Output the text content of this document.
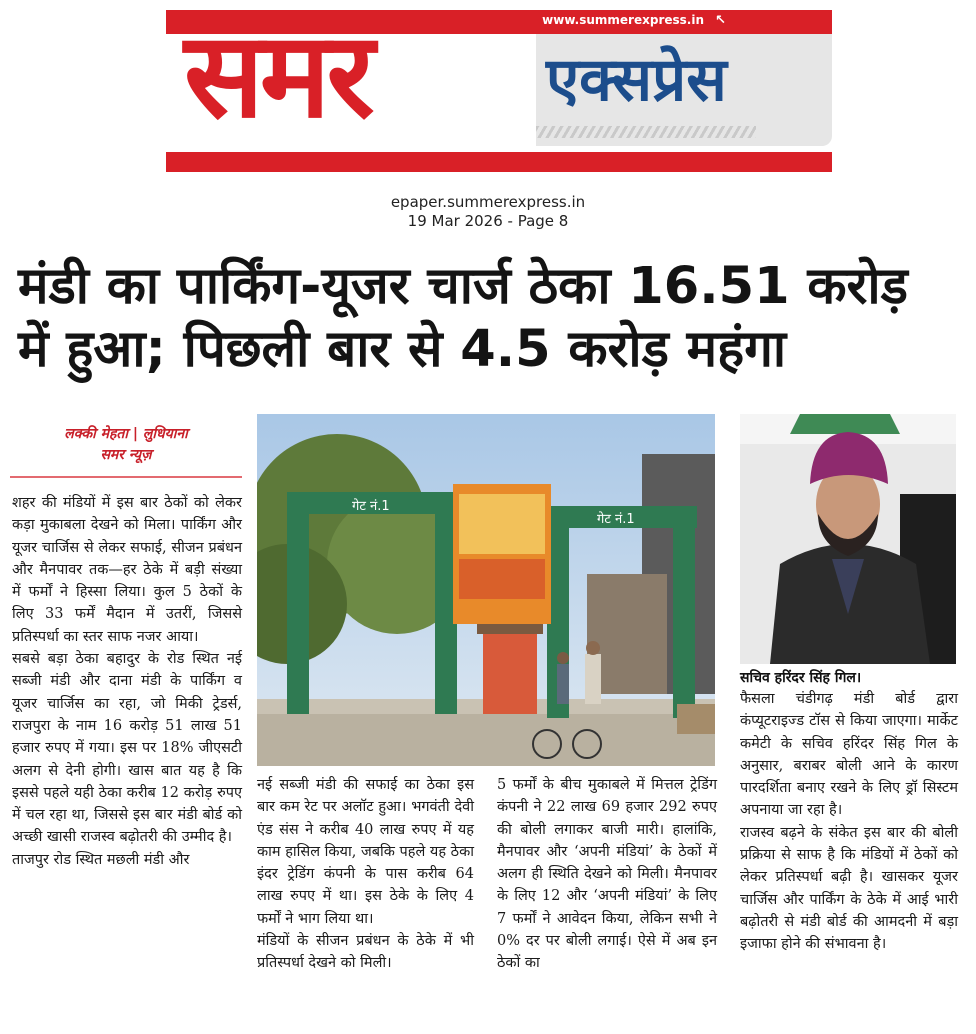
www.summerexpress.in ↖
समर	एक्सप्रेस
epaper.summerexpress.in
19 Mar 2026 - Page 8
मंडी का पार्किंग-यूजर चार्ज ठेका 16.51 करोड़
में हुआ; पिछली बार से 4.5 करोड़ महंगा
लक्की मेहता | लुधियाना
समर न्यूज़

शहर की मंडियों में इस बार ठेकों को लेकर कड़ा मुकाबला देखने को मिला। पार्किंग और यूजर चार्जिस से लेकर सफाई, सीजन प्रबंधन और मैनपावर तक—हर ठेके में बड़ी संख्या में फर्मों ने हिस्सा लिया। कुल 5 ठेकों के लिए 33 फर्में मैदान में उतरीं, जिससे प्रतिस्पर्धा का स्तर साफ नजर आया।

सबसे बड़ा ठेका बहादुर के रोड स्थित नई सब्जी मंडी और दाना मंडी के पार्किंग व यूजर चार्जिस का रहा, जो मिकी ट्रेडर्स, राजपुरा के नाम 16 करोड़ 51 लाख 51 हजार रुपए में गया। इस पर 18% जीएसटी अलग से देनी होगी। खास बात यह है कि इससे पहले यही ठेका करीब 12 करोड़ रुपए में चल रहा था, जिससे इस बार मंडी बोर्ड को अच्छी खासी राजस्व बढ़ोतरी की उम्मीद है।

ताजपुर रोड स्थित मछली मंडी और

गेट नं.1
गेट नं.1
सचिव हरिंदर सिंह गिल।

नई सब्जी मंडी की सफाई का ठेका इस बार कम रेट पर अलॉट हुआ। भगवंती देवी एंड संस ने करीब 40 लाख रुपए में यह काम हासिल किया, जबकि पहले यह ठेका इंदर ट्रेडिंग कंपनी के पास करीब 64 लाख रुपए में था। इस ठेके के लिए 4 फर्मों ने भाग लिया था।

मंडियों के सीजन प्रबंधन के ठेके में भी प्रतिस्पर्धा देखने को मिली।

5 फर्मों के बीच मुकाबले में मित्तल ट्रेडिंग कंपनी ने 22 लाख 69 हजार 292 रुपए की बोली लगाकर बाजी मारी। हालांकि, मैनपावर और ‘अपनी मंडियां’ के ठेकों में अलग ही स्थिति देखने को मिली। मैनपावर के लिए 12 और ‘अपनी मंडियां’ के लिए 7 फर्मों ने आवेदन किया, लेकिन सभी ने 0% दर पर बोली लगाई। ऐसे में अब इन ठेकों का

फैसला चंडीगढ़ मंडी बोर्ड द्वारा कंप्यूटराइज्ड टॉस से किया जाएगा। मार्केट कमेटी के सचिव हरिंदर सिंह गिल के अनुसार, बराबर बोली आने के कारण पारदर्शिता बनाए रखने के लिए ड्रॉ सिस्टम अपनाया जा रहा है।

राजस्व बढ़ने के संकेत इस बार की बोली प्रक्रिया से साफ है कि मंडियों में ठेकों को लेकर प्रतिस्पर्धा बढ़ी है। खासकर यूजर चार्जिस और पार्किंग के ठेके में आई भारी बढ़ोतरी से मंडी बोर्ड की आमदनी में बड़ा इजाफा होने की संभावना है।
